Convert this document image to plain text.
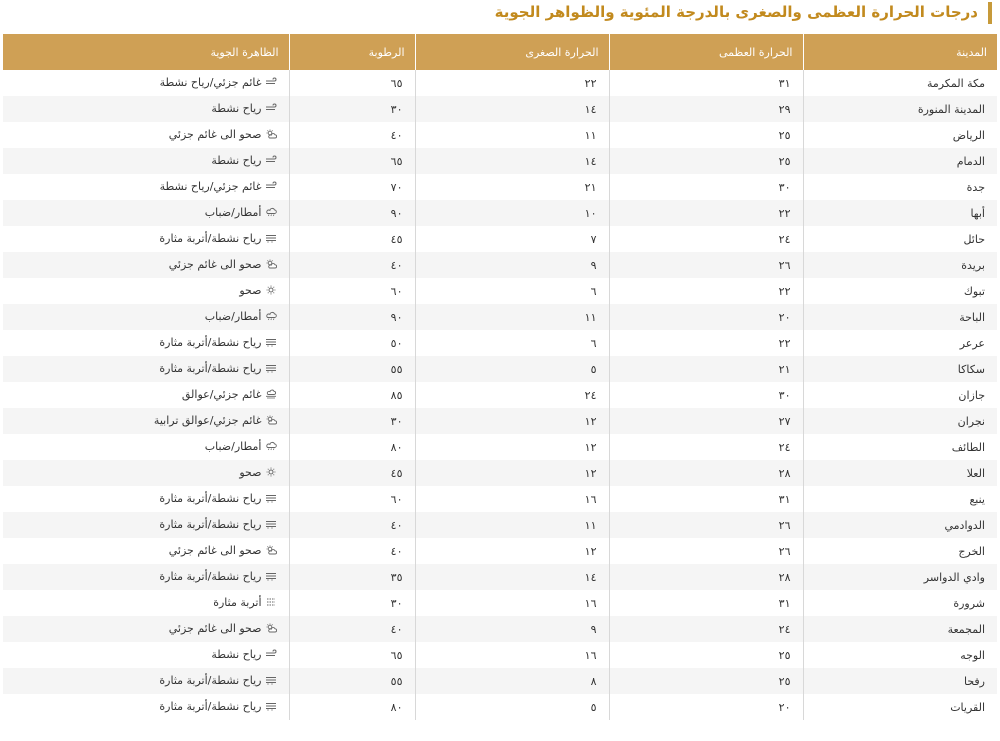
درجات الحرارة العظمى والصغرى بالدرجة المئوية والظواهر الجوية
المدينة	الحرارة العظمى	الحرارة الصغرى	الرطوبة	الظاهرة الجوية
مكة المكرمة	٣١	٢٢	٦٥	غائم جزئي/رياح نشطة

المدينة المنورة	٢٩	١٤	٣٠	رياح نشطة

الرياض	٢٥	١١	٤٠	صحو الى غائم جزئي

الدمام	٢٥	١٤	٦٥	رياح نشطة

جدة	٣٠	٢١	٧٠	غائم جزئي/رياح نشطة

أبها	٢٢	١٠	٩٠	أمطار/ضباب

حائل	٢٤	٧	٤٥	رياح نشطة/أتربة مثارة

بريدة	٢٦	٩	٤٠	صحو الى غائم جزئي

تبوك	٢٢	٦	٦٠	صحو

الباحة	٢٠	١١	٩٠	أمطار/ضباب

عرعر	٢٢	٦	٥٠	رياح نشطة/أتربة مثارة

سكاكا	٢١	٥	٥٥	رياح نشطة/أتربة مثارة

جازان	٣٠	٢٤	٨٥	غائم جزئي/عوالق

نجران	٢٧	١٢	٣٠	غائم جزئي/عوالق ترابية

الطائف	٢٤	١٢	٨٠	أمطار/ضباب

العلا	٢٨	١٢	٤٥	صحو

ينبع	٣١	١٦	٦٠	رياح نشطة/أتربة مثارة

الدوادمي	٢٦	١١	٤٠	رياح نشطة/أتربة مثارة

الخرج	٢٦	١٢	٤٠	صحو الى غائم جزئي

وادي الدواسر	٢٨	١٤	٣٥	رياح نشطة/أتربة مثارة

شرورة	٣١	١٦	٣٠	أتربة مثارة

المجمعة	٢٤	٩	٤٠	صحو الى غائم جزئي

الوجه	٢٥	١٦	٦٥	رياح نشطة

رفحا	٢٥	٨	٥٥	رياح نشطة/أتربة مثارة

القريات	٢٠	٥	٨٠	رياح نشطة/أتربة مثارة
